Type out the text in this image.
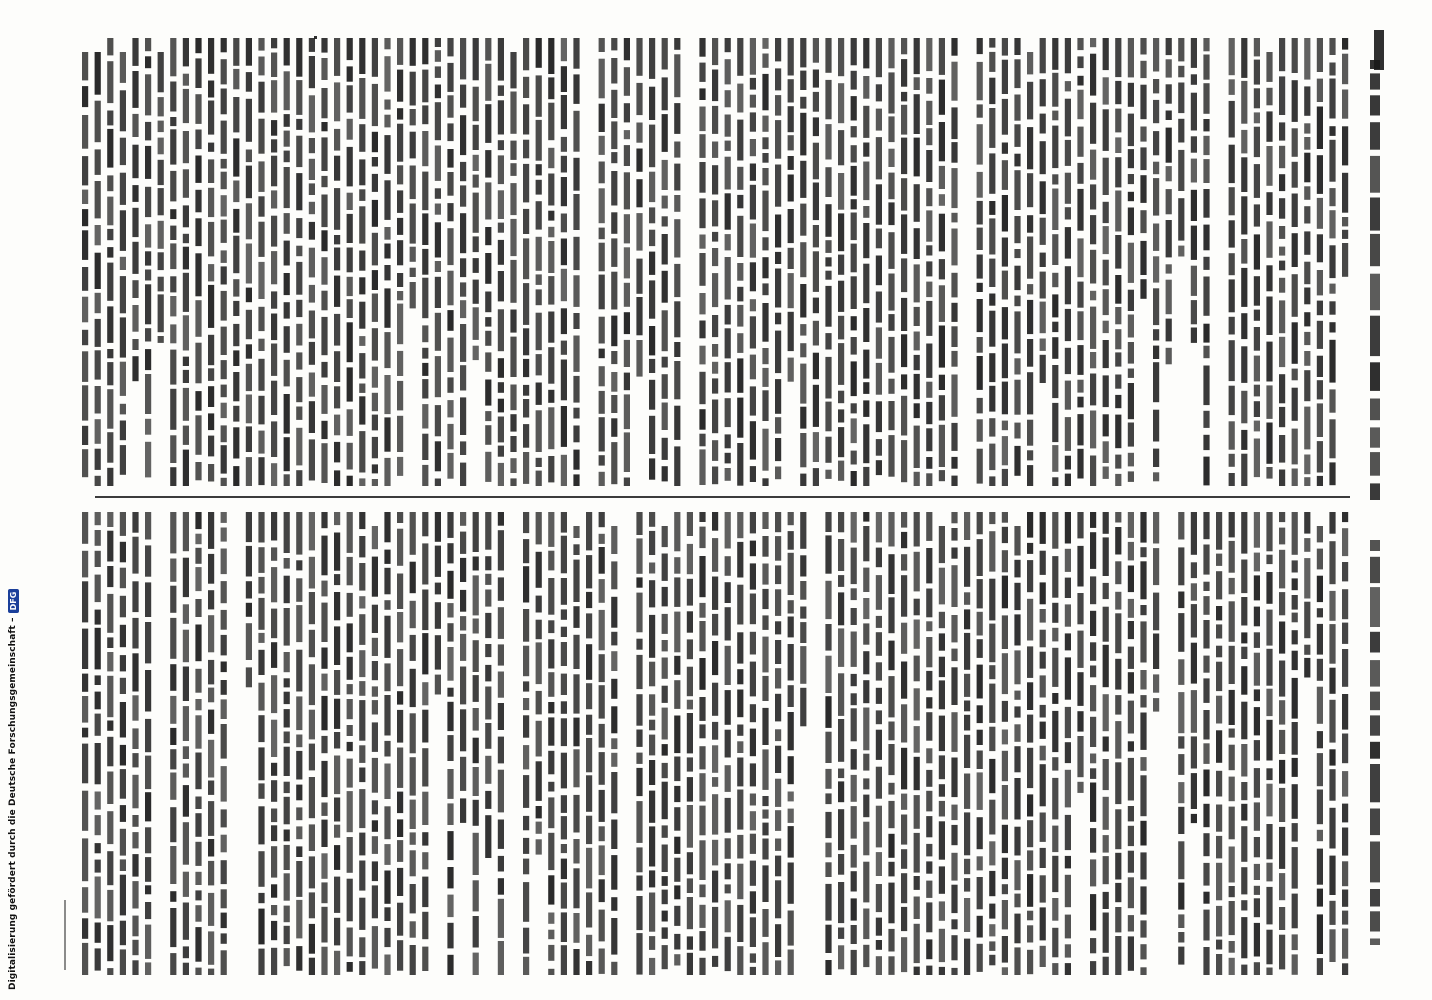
Digitalisierung gefördert durch die Deutsche Forschungsgemeinschaft –
DFG
